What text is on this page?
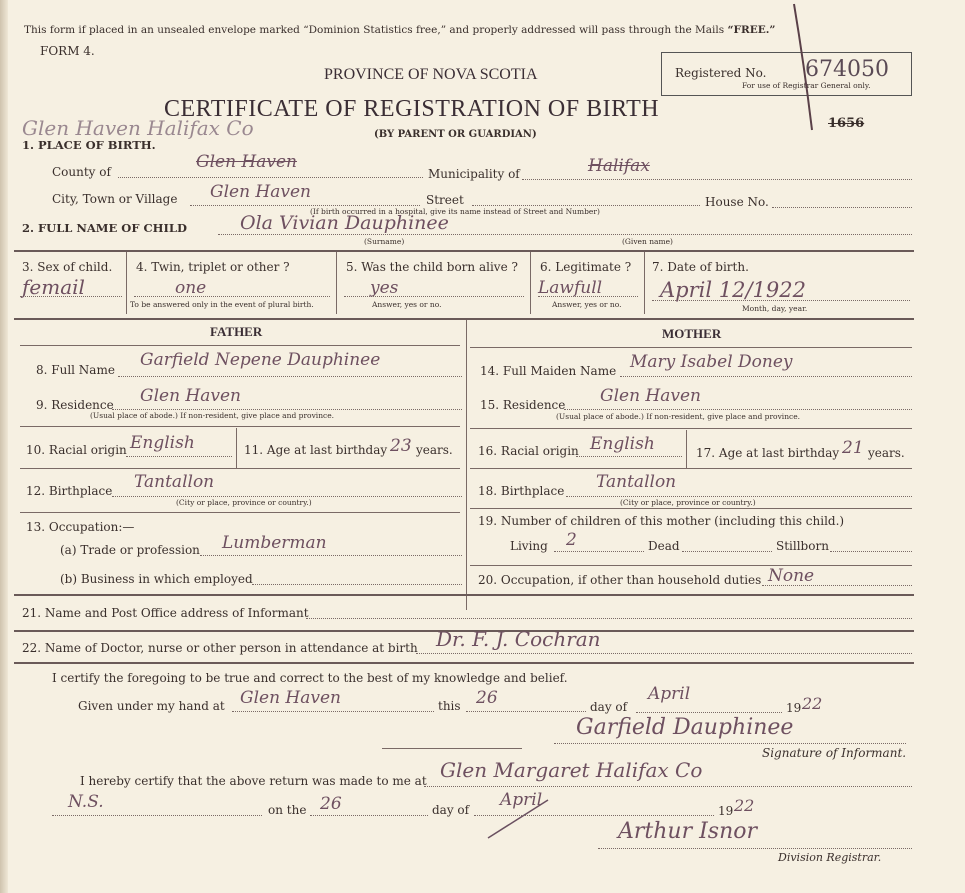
This form if placed in an unsealed envelope marked “Dominion Statistics free,” and properly addressed will pass through the Mails “FREE.”
FORM 4.
PROVINCE OF NOVA SCOTIA
CERTIFICATE OF REGISTRATION OF BIRTH
(BY PARENT OR GUARDIAN)
Registered No. 674050
For use of Registrar General only.
Glen Haven Halifax Co	1656
1. PLACE OF BIRTH.
County of	Glen Haven
Municipality of	Halifax
City, Town or Village Glen Haven	Street	House No.
(If birth occurred in a hospital, give its name instead of Street and Number)
2. FULL NAME OF CHILD	Ola Vivian Dauphinee
(Surname)	(Given name)
3. Sex of child.
femail
4. Twin, triplet or other ?
one
To be answered only in the event of plural birth.
5. Was the child born alive ?
yes
Answer, yes or no.
6. Legitimate ?
Lawfull
Answer, yes or no.
7. Date of birth.
April 12/1922
Month, day, year.
FATHER
8. Full Name Garfield Nepene Dauphinee
9. Residence Glen Haven
(Usual place of abode.) If non-resident, give place and province.
10. Racial origin English	11. Age at last birthday 23 years.
12. Birthplace Tantallon
(City or place, province or country.)
13. Occupation:—
(a) Trade or profession Lumberman
(b) Business in which employed
MOTHER
14. Full Maiden Name Mary Isabel Doney
15. Residence Glen Haven
(Usual place of abode.) If non-resident, give place and province.
16. Racial origin English	17. Age at last birthday 21 years.
18. Birthplace Tantallon
(City or place, province or country.)
19. Number of children of this mother (including this child.)
Living 2	Dead	Stillborn
20. Occupation, if other than household duties None
21. Name and Post Office address of Informant
22. Name of Doctor, nurse or other person in attendance at birth Dr. F. J. Cochran
I certify the foregoing to be true and correct to the best of my knowledge and belief.
Given under my hand at Glen Haven	this 26	day of
April
19 22
Garfield Dauphinee
Signature of Informant.
I hereby certify that the above return was made to me at Glen Margaret Halifax Co
N.S.	on the 26	day of April
19 22
Arthur Isnor
Division Registrar.
